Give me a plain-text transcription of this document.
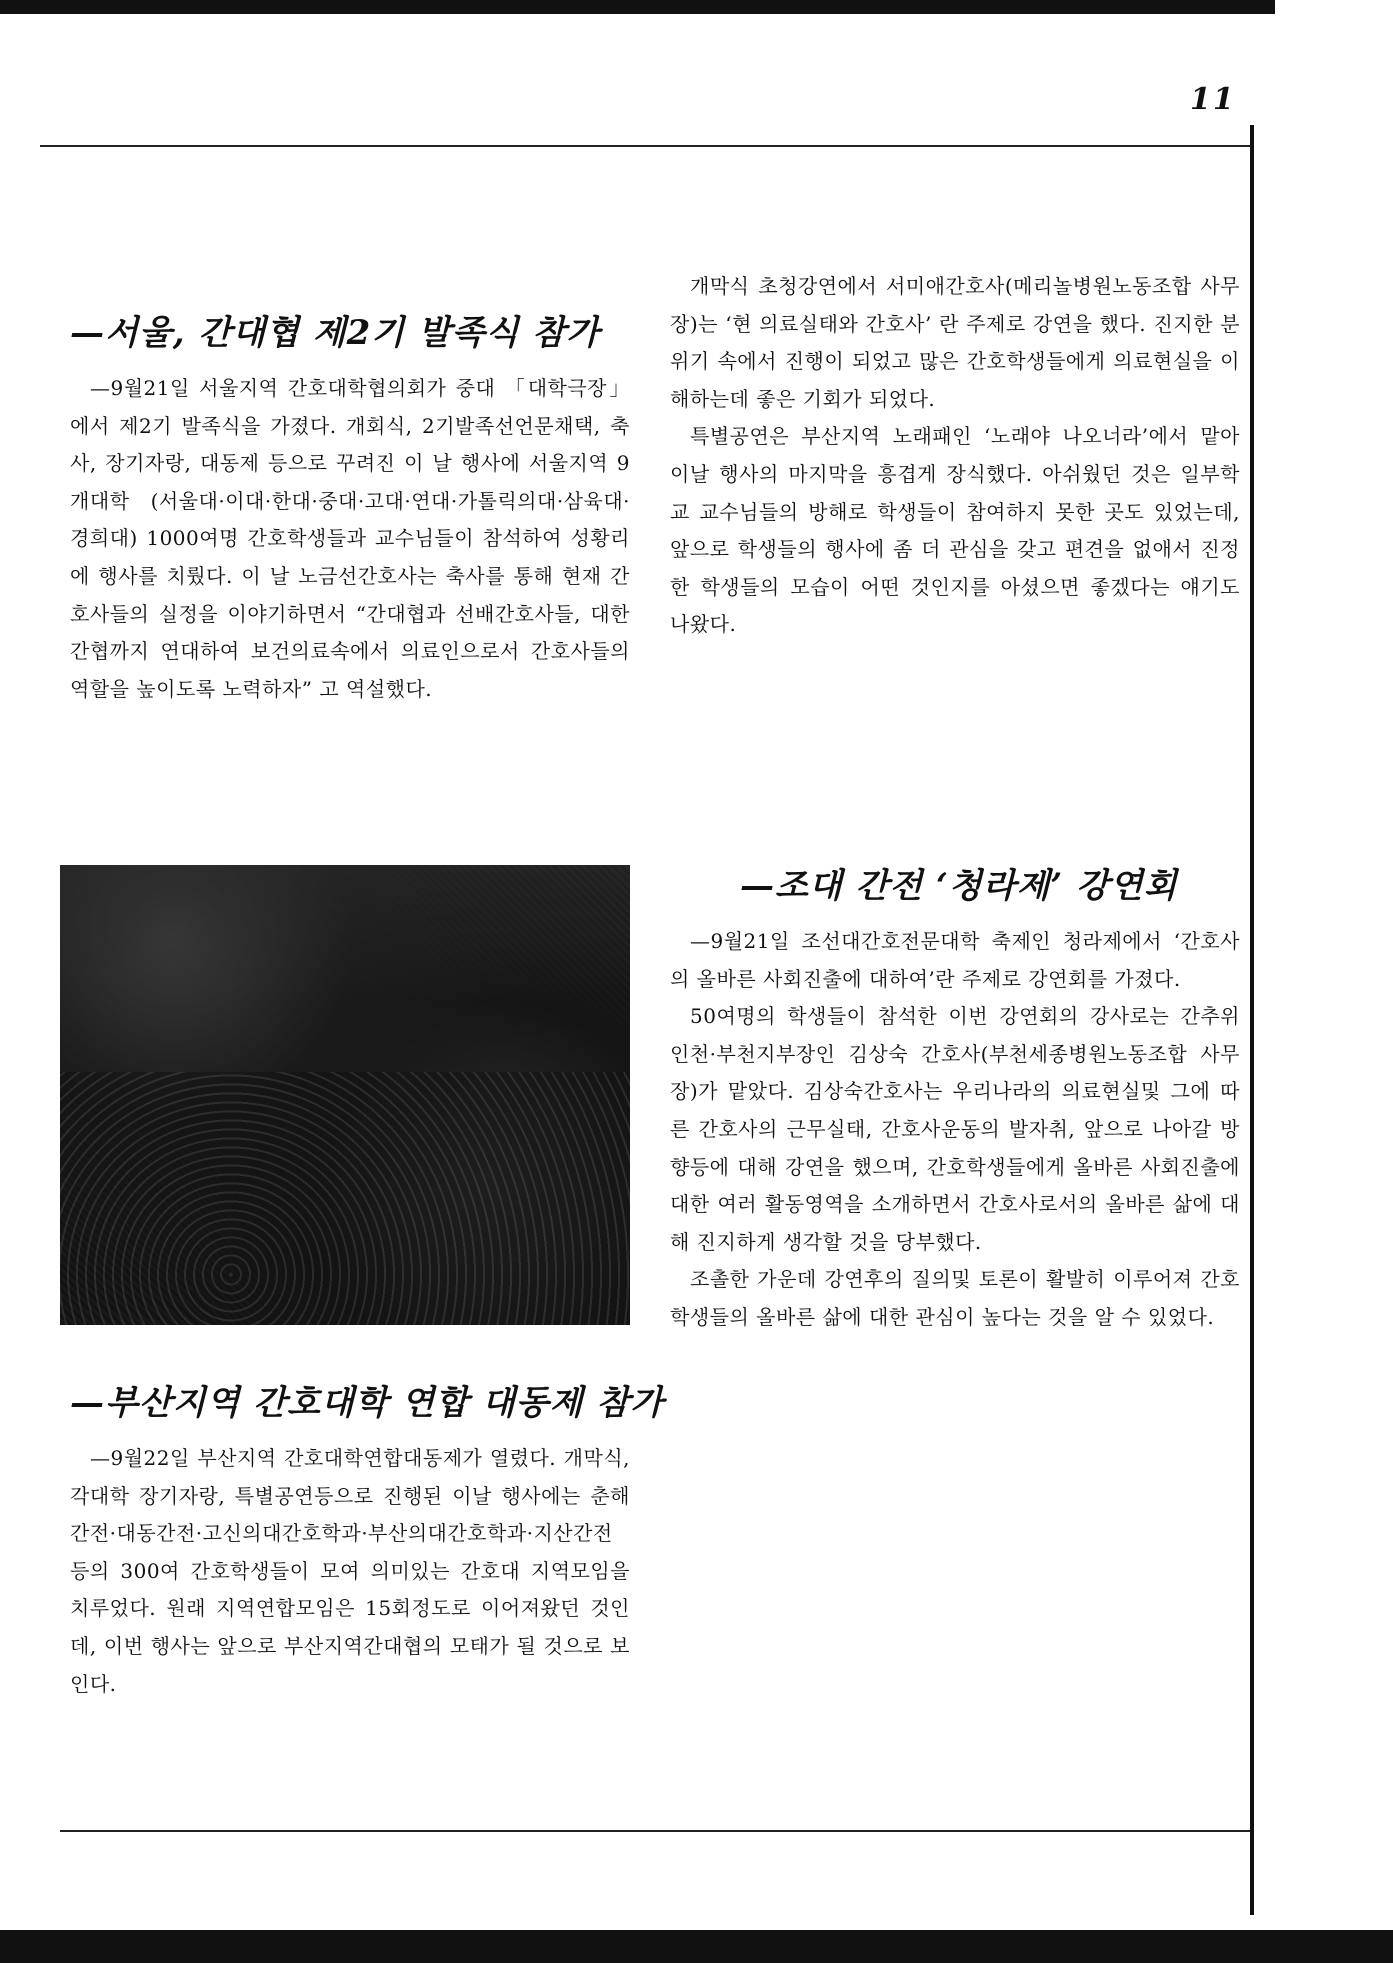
11
—서울, 간대협 제2기 발족식 참가

—9월21일 서울지역 간호대학협의회가 중대 「대학극장」에서 제2기 발족식을 가졌다. 개회식, 2기발족선언문채택, 축사, 장기자랑, 대동제 등으로 꾸려진 이 날 행사에 서울지역 9개대학 (서울대·이대·한대·중대·고대·연대·가톨릭의대·삼육대·경희대) 1000여명 간호학생들과 교수님들이 참석하여 성황리에 행사를 치뤘다. 이 날 노금선간호사는 축사를 통해 현재 간호사들의 실정을 이야기하면서 “간대협과 선배간호사들, 대한간협까지 연대하여 보건의료속에서 의료인으로서 간호사들의 역할을 높이도록 노력하자” 고 역설했다.

개막식 초청강연에서 서미애간호사(메리놀병원노동조합 사무장)는 ‘현 의료실태와 간호사’ 란 주제로 강연을 했다. 진지한 분위기 속에서 진행이 되었고 많은 간호학생들에게 의료현실을 이해하는데 좋은 기회가 되었다.

특별공연은 부산지역 노래패인 ‘노래야 나오너라’에서 맡아 이날 행사의 마지막을 흥겹게 장식했다. 아쉬웠던 것은 일부학교 교수님들의 방해로 학생들이 참여하지 못한 곳도 있었는데, 앞으로 학생들의 행사에 좀 더 관심을 갖고 편견을 없애서 진정한 학생들의 모습이 어떤 것인지를 아셨으면 좋겠다는 얘기도 나왔다.

—부산지역 간호대학 연합 대동제 참가

—9월22일 부산지역 간호대학연합대동제가 열렸다. 개막식, 각대학 장기자랑, 특별공연등으로 진행된 이날 행사에는 춘해간전·대동간전·고신의대간호학과·부산의대간호학과·지산간전등의 300여 간호학생들이 모여 의미있는 간호대 지역모임을 치루었다. 원래 지역연합모임은 15회정도로 이어져왔던 것인데, 이번 행사는 앞으로 부산지역간대협의 모태가 될 것으로 보인다.

—조대 간전 ‘청라제’ 강연회

—9월21일 조선대간호전문대학 축제인 청라제에서 ‘간호사의 올바른 사회진출에 대하여’란 주제로 강연회를 가졌다.

50여명의 학생들이 참석한 이번 강연회의 강사로는 간추위 인천·부천지부장인 김상숙 간호사(부천세종병원노동조합 사무장)가 맡았다. 김상숙간호사는 우리나라의 의료현실및 그에 따른 간호사의 근무실태, 간호사운동의 발자취, 앞으로 나아갈 방향등에 대해 강연을 했으며, 간호학생들에게 올바른 사회진출에 대한 여러 활동영역을 소개하면서 간호사로서의 올바른 삶에 대해 진지하게 생각할 것을 당부했다.

조촐한 가운데 강연후의 질의및 토론이 활발히 이루어져 간호학생들의 올바른 삶에 대한 관심이 높다는 것을 알 수 있었다.
